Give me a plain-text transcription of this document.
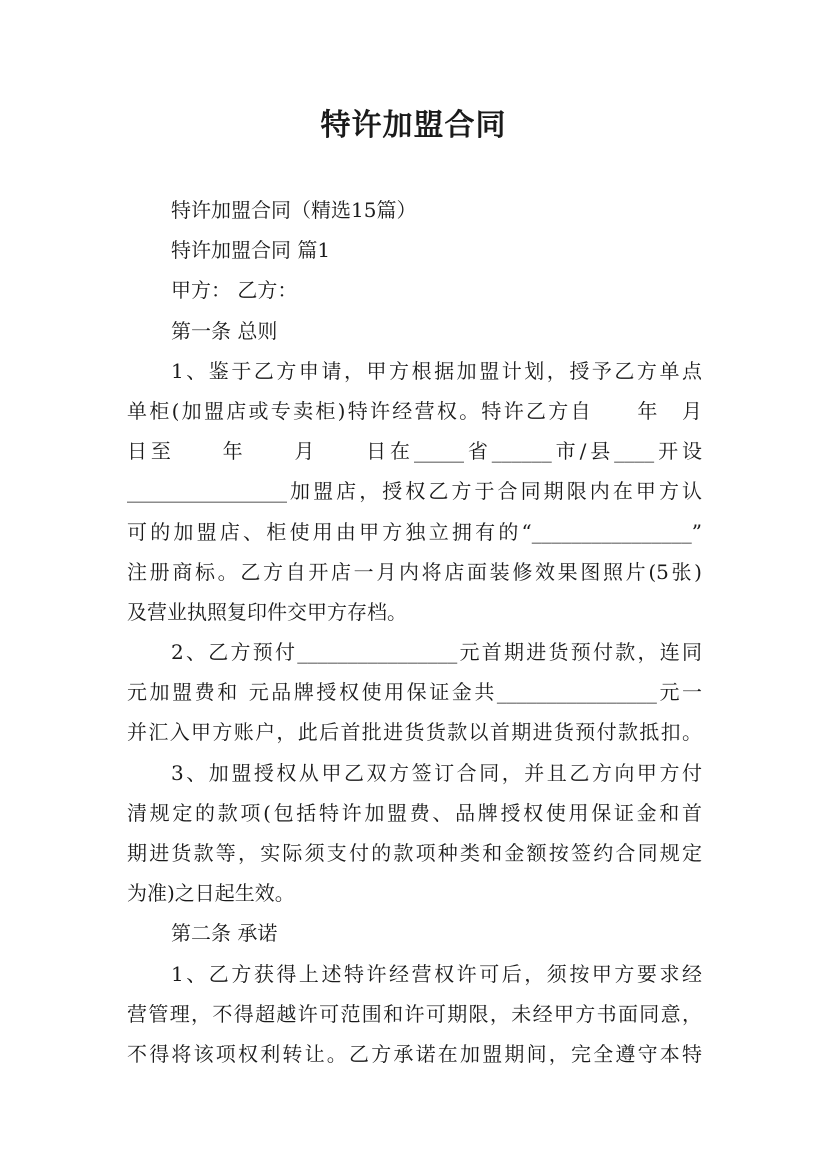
特许加盟合同
特许加盟合同（精选15篇）
特许加盟合同 篇1
甲方： 乙方：
第一条 总则
1、鉴于乙方申请，甲方根据加盟计划，授予乙方单点
单柜(加盟店或专卖柜)特许经营权。特许乙方自　　年　月
日至　　年　　月　　日在_____省______市/县____开设
________________加盟店，授权乙方于合同期限内在甲方认
可的加盟店、柜使用由甲方独立拥有的“________________”
注册商标。乙方自开店一月内将店面装修效果图照片(5张)
及营业执照复印件交甲方存档。
2、乙方预付________________元首期进货预付款，连同
元加盟费和 元品牌授权使用保证金共________________元一
并汇入甲方账户，此后首批进货货款以首期进货预付款抵扣。
3、加盟授权从甲乙双方签订合同，并且乙方向甲方付
清规定的款项(包括特许加盟费、品牌授权使用保证金和首
期进货款等，实际须支付的款项种类和金额按签约合同规定
为准)之日起生效。
第二条 承诺
1、乙方获得上述特许经营权许可后，须按甲方要求经
营管理，不得超越许可范围和许可期限，未经甲方书面同意，
不得将该项权利转让。乙方承诺在加盟期间，完全遵守本特
